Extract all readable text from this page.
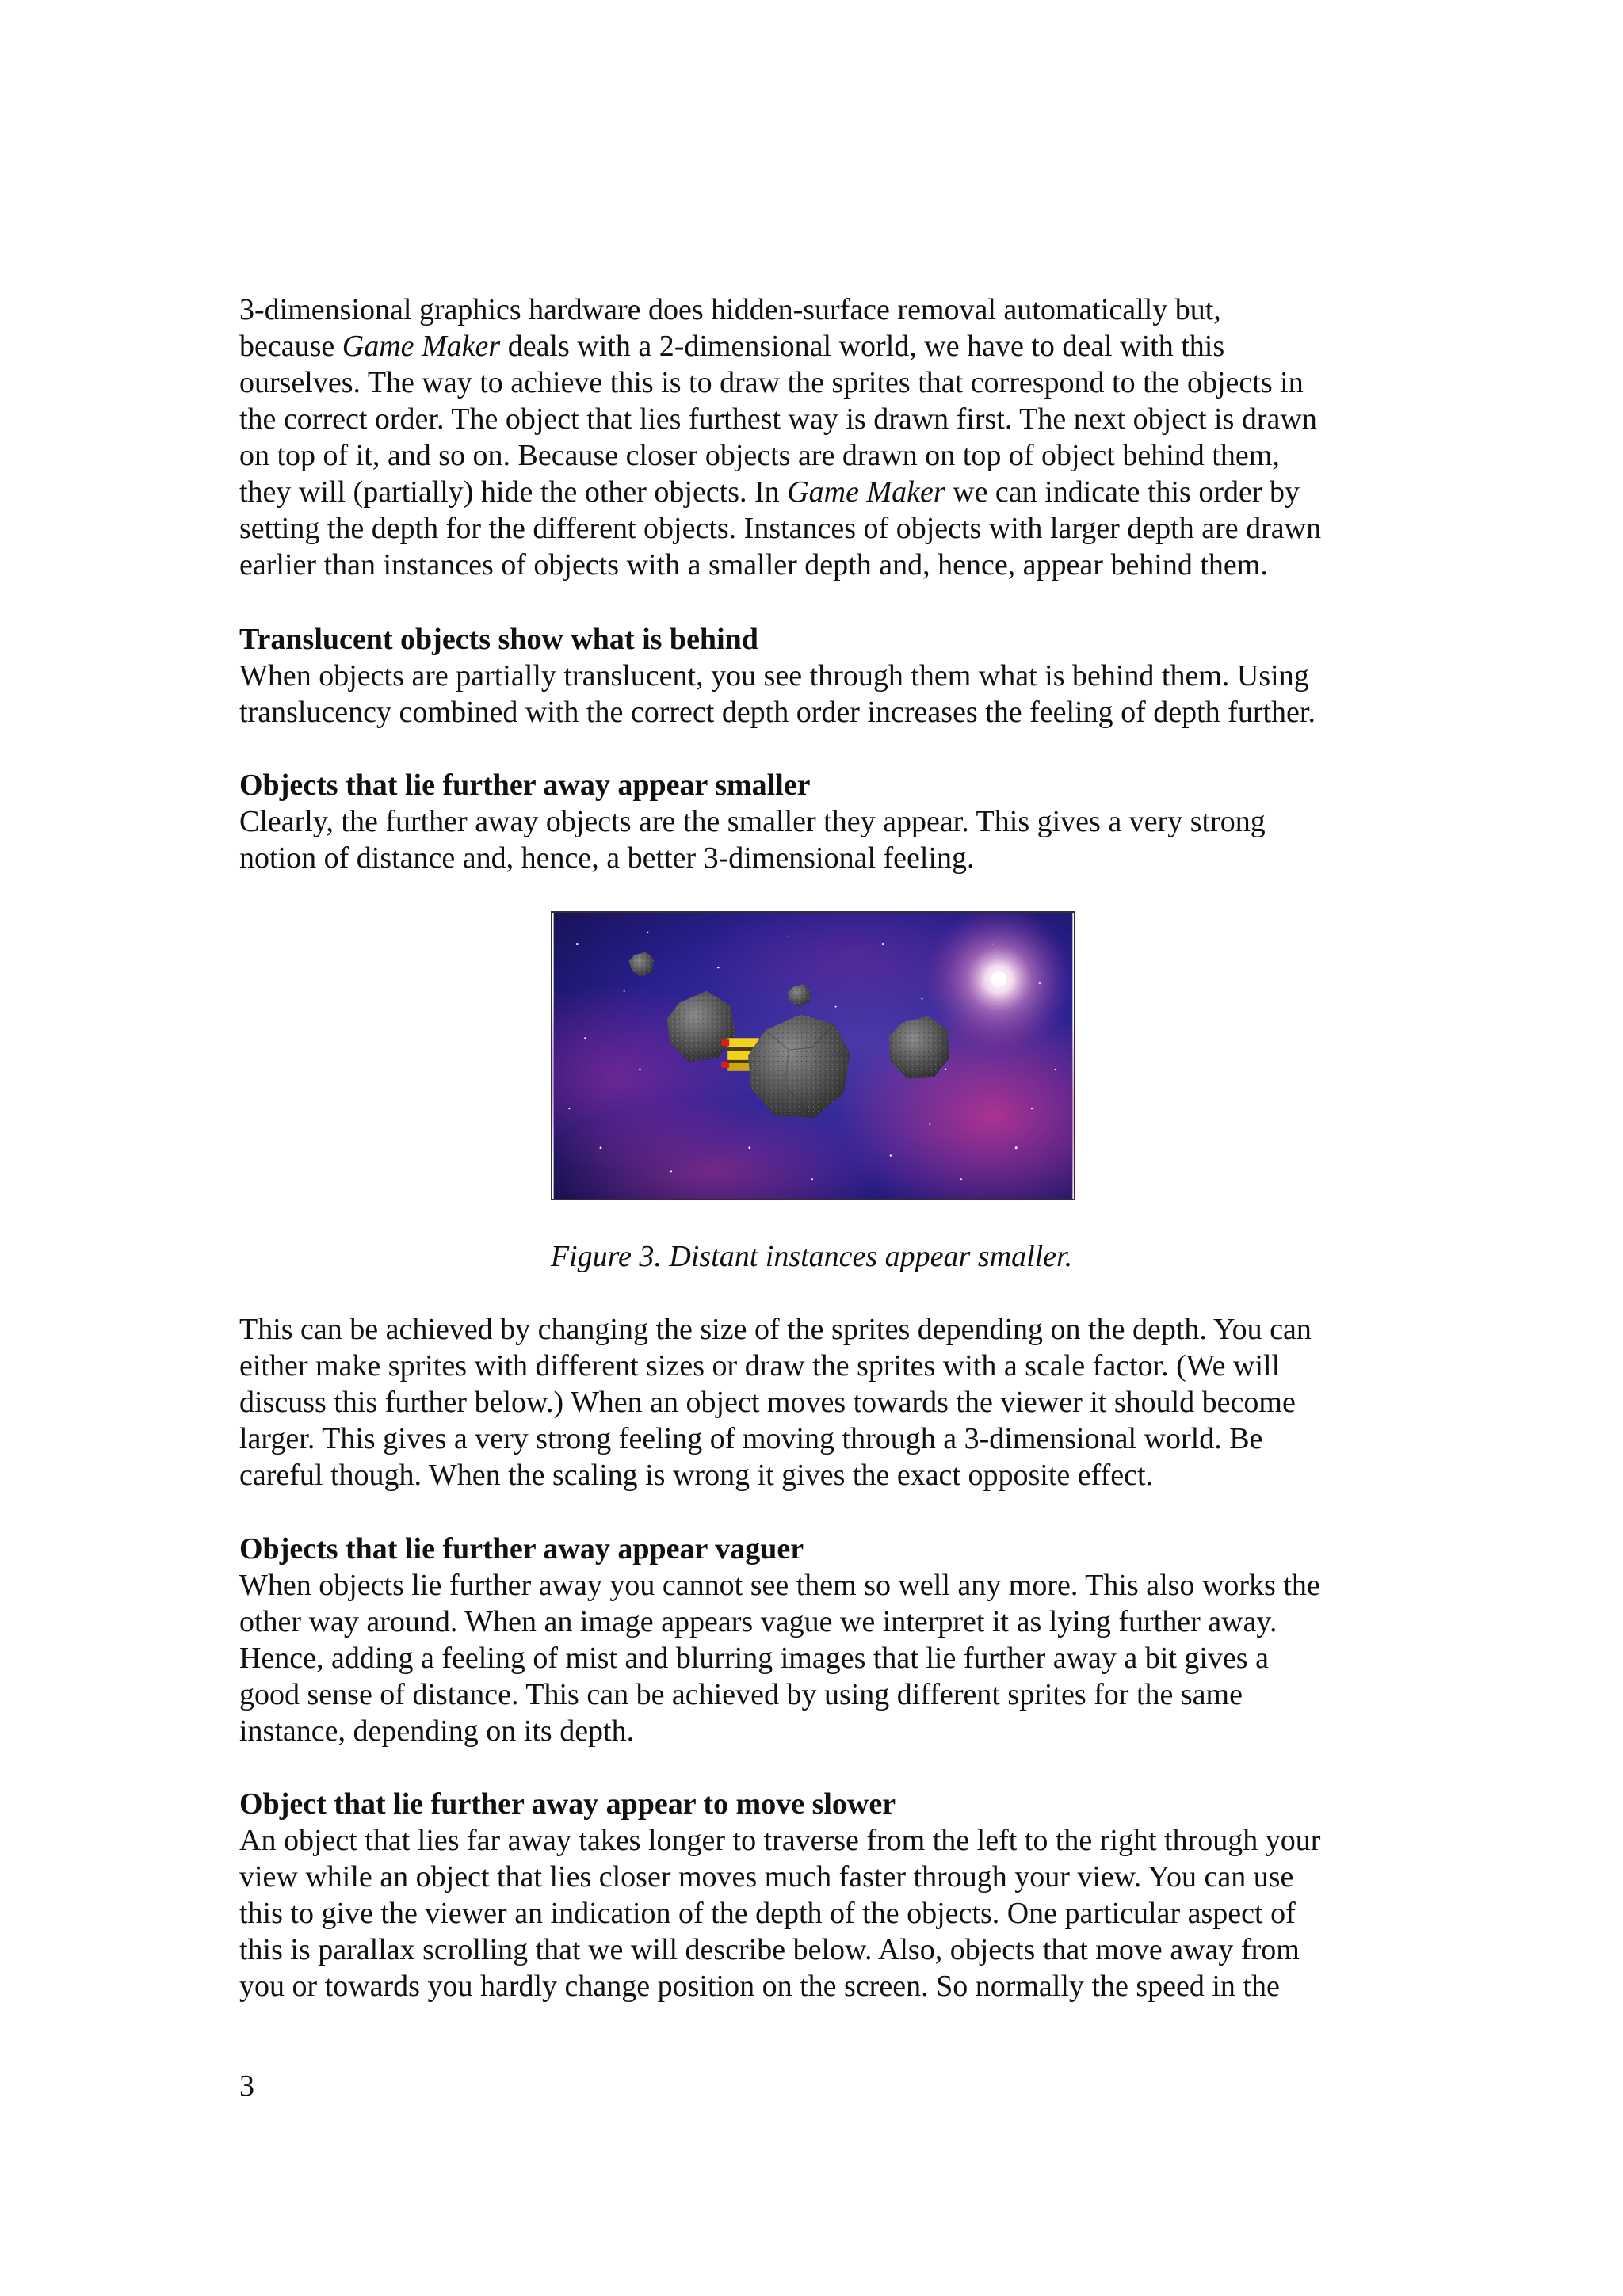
3-dimensional graphics hardware does hidden-surface removal automatically but,
because Game Maker deals with a 2-dimensional world, we have to deal with this
ourselves. The way to achieve this is to draw the sprites that correspond to the objects in
the correct order. The object that lies furthest way is drawn first. The next object is drawn
on top of it, and so on. Because closer objects are drawn on top of object behind them,
they will (partially) hide the other objects. In Game Maker we can indicate this order by
setting the depth for the different objects. Instances of objects with larger depth are drawn
earlier than instances of objects with a smaller depth and, hence, appear behind them.
Translucent objects show what is behind
When objects are partially translucent, you see through them what is behind them. Using
translucency combined with the correct depth order increases the feeling of depth further.
Objects that lie further away appear smaller
Clearly, the further away objects are the smaller they appear. This gives a very strong
notion of distance and, hence, a better 3-dimensional feeling.
Figure 3. Distant instances appear smaller.
This can be achieved by changing the size of the sprites depending on the depth. You can
either make sprites with different sizes or draw the sprites with a scale factor. (We will
discuss this further below.) When an object moves towards the viewer it should become
larger. This gives a very strong feeling of moving through a 3-dimensional world. Be
careful though. When the scaling is wrong it gives the exact opposite effect.
Objects that lie further away appear vaguer
When objects lie further away you cannot see them so well any more. This also works the
other way around. When an image appears vague we interpret it as lying further away.
Hence, adding a feeling of mist and blurring images that lie further away a bit gives a
good sense of distance. This can be achieved by using different sprites for the same
instance, depending on its depth.
Object that lie further away appear to move slower
An object that lies far away takes longer to traverse from the left to the right through your
view while an object that lies closer moves much faster through your view. You can use
this to give the viewer an indication of the depth of the objects. One particular aspect of
this is parallax scrolling that we will describe below. Also, objects that move away from
you or towards you hardly change position on the screen. So normally the speed in the
3
